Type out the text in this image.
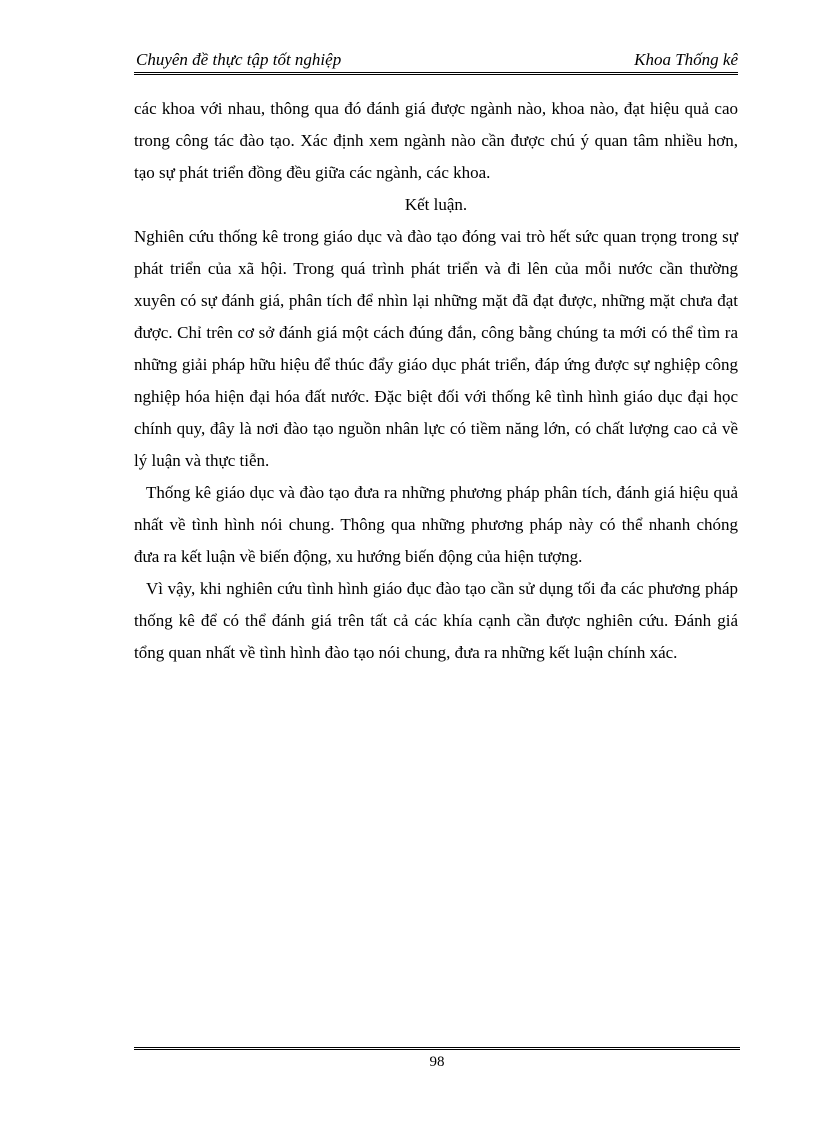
Chuyên đề thực tập tốt nghiệp	Khoa Thống kê

các khoa với nhau, thông qua đó đánh giá được ngành nào, khoa nào, đạt hiệu quả cao trong công tác đào tạo. Xác định xem ngành nào cần được chú ý quan tâm nhiều hơn, tạo sự phát triển đồng đều giữa các ngành, các khoa.

Kết luận.

Nghiên cứu thống kê trong giáo dục và đào tạo đóng vai trò hết sức quan trọng trong sự phát triển của xã hội. Trong quá trình phát triển và đi lên của mỗi nước cần thường xuyên có sự đánh giá, phân tích để nhìn lại những mặt đã đạt được, những mặt chưa đạt được. Chỉ trên cơ sở đánh giá một cách đúng đắn, công bằng chúng ta mới có thể tìm ra những giải pháp hữu hiệu để thúc đẩy giáo dục phát triển, đáp ứng được sự nghiệp công nghiệp hóa hiện đại hóa đất nước. Đặc biệt đối với thống kê tình hình giáo dục đại học chính quy, đây là nơi đào tạo nguồn nhân lực có tiềm năng lớn, có chất lượng cao cả về lý luận và thực tiễn.

Thống kê giáo dục và đào tạo đưa ra những phương pháp phân tích, đánh giá hiệu quả nhất về tình hình nói chung. Thông qua những phương pháp này có thể nhanh chóng đưa ra kết luận về biến động, xu hướng biến động của hiện tượng.

Vì vậy, khi nghiên cứu tình hình giáo đục đào tạo cần sử dụng tối đa các phương pháp thống kê để có thể đánh giá trên tất cả các khía cạnh cần được nghiên cứu. Đánh giá tổng quan nhất về tình hình đào tạo nói chung, đưa ra những kết luận chính xác.

98
